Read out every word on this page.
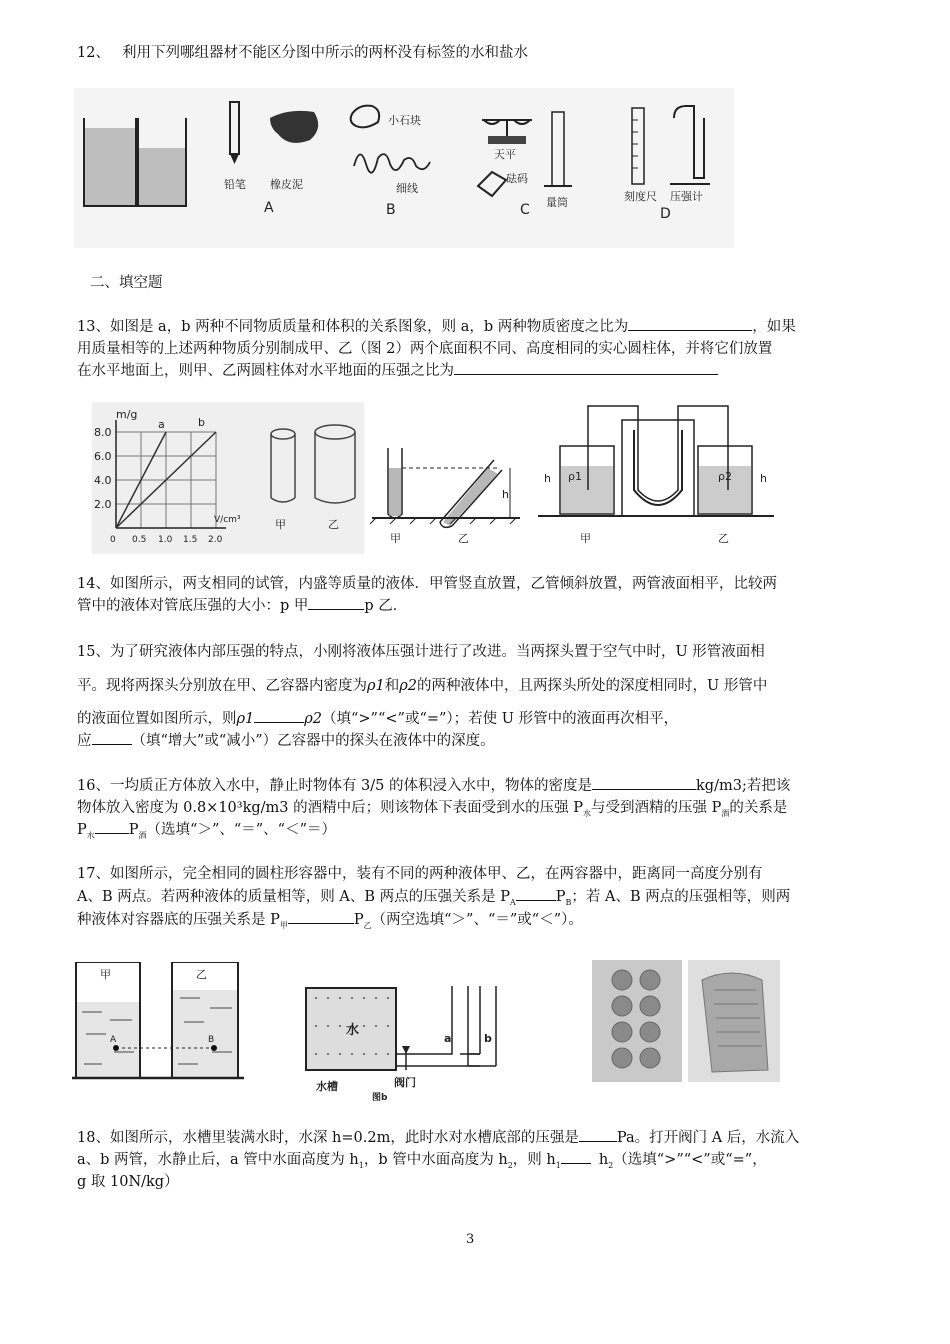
12、 利用下列哪组器材不能区分图中所示的两杯没有标签的水和盐水
铅笔 橡皮泥
A
小石块
细线
B
天平
砝码
量筒
C
刻度尺 压强计
D
二、填空题
13、如图是 a，b 两种不同物质质量和体积的关系图象，则 a，b 两种物质密度之比为	，如果
用质量相等的上述两种物质分别制成甲、乙（图 2）两个底面积不同、高度相同的实心圆柱体，并将它们放置
在水平地面上，则甲、乙两圆柱体对水平地面的压强之比为
m/g
8.0
6.0
4.0
2.0
a	b
0 0.5 1.0 1.5 2.0
V/cm³	甲	乙
h
甲	乙
ρ1	ρ2
h	h
甲	乙
14、如图所示，两支相同的试管，内盛等质量的液体．甲管竖直放置，乙管倾斜放置，两管液面相平，比较两
管中的液体对管底压强的大小：p 甲	p 乙．
15、为了研究液体内部压强的特点，小刚将液体压强计进行了改进。当两探头置于空气中时，U 形管液面相
平。现将两探头分别放在甲、乙容器内密度为ρ1和ρ2的两种液体中，且两探头所处的深度相同时，U 形管中
的液面位置如图所示，则ρ1	ρ2（填“>”“<”或“=”）；若使 U 形管中的液面再次相平，
应	（填“增大”或“减小”）乙容器中的探头在液体中的深度。
16、一均质正方体放入水中，静止时物体有 3/5 的体积浸入水中，物体的密度是	kg/m3;若把该
物体放入密度为 0.8×10³kg/m3 的酒精中后；则该物体下表面受到水的压强 $P_水$与受到酒精的压强 $P_酒$的关系是
$P_水$ $P_酒$（选填“＞”、“＝”、“＜”＝）
17、如图所示，完全相同的圆柱形容器中，装有不同的两种液体甲、乙，在两容器中，距离同一高度分别有
A、B 两点。若两种液体的质量相等，则 A、B 两点的压强关系是 $P_A$	$P_B$；若 A、B 两点的压强相等，则两
种液体对容器底的压强关系是 $P_甲$	$P_乙$（两空选填“＞”、“＝”或“＜”）。
甲	乙
A	B
水
水槽	阀门
a	b
图b
18、如图所示，水槽里装满水时，水深 h=0.2m，此时水对水槽底部的压强是	Pa。打开阀门 A 后，水流入
a、b 两管，水静止后，a 管中水面高度为 $h_1$，b 管中水面高度为 $h_2$，则 $h_1$	$h_2$（选填“>”“<”或“=”，
g 取 10N/kg）
3
